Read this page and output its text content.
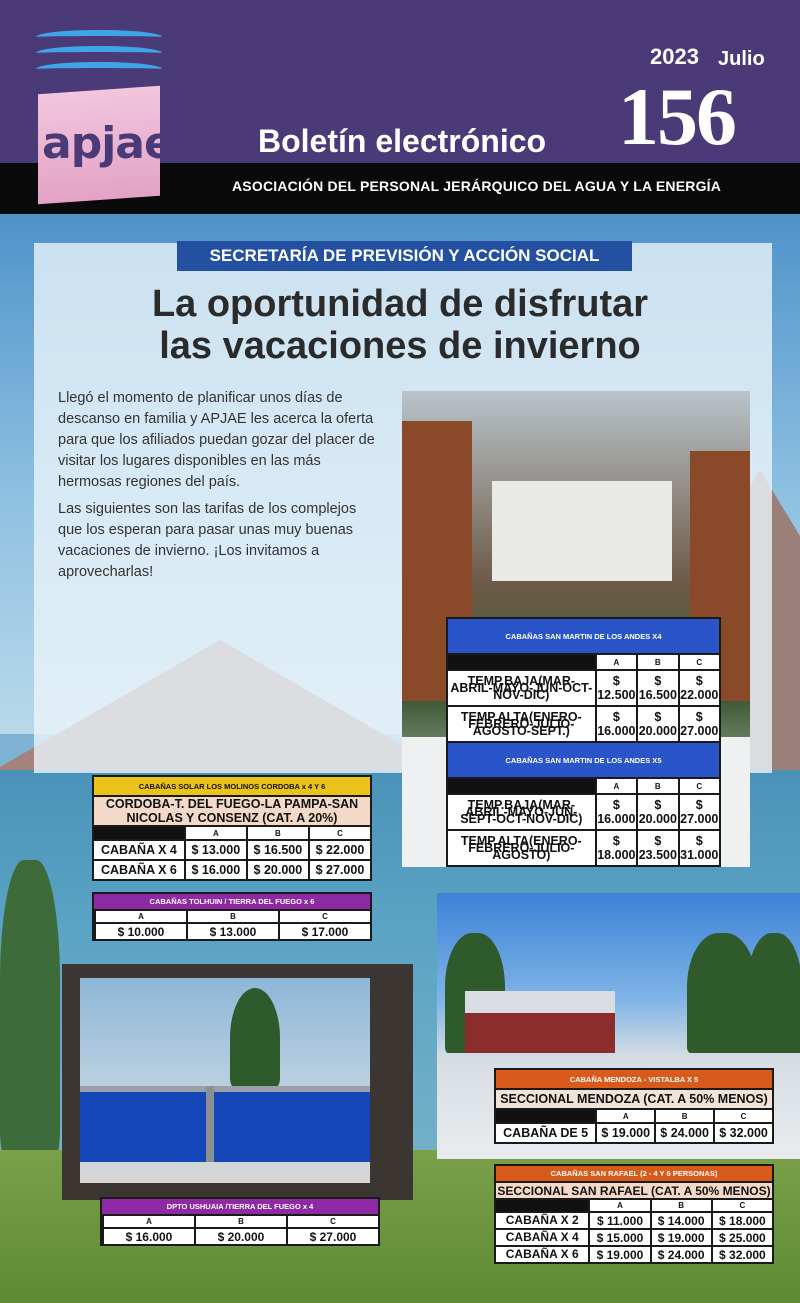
apjae
2023 Julio
156
Boletín electrónico
ASOCIACIÓN DEL PERSONAL JERÁRQUICO DEL AGUA Y LA ENERGÍA
SECRETARÍA DE PREVISIÓN Y ACCIÓN SOCIAL
La oportunidad de disfrutar
las vacaciones de invierno

Llegó el momento de planificar unos días de descanso en familia y APJAE les acerca la oferta para que los afiliados puedan gozar del placer de visitar los lugares disponibles en las más hermosas regiones del país.

Las siguientes son las tarifas de los complejos que los esperan para pasar unas muy buenas vacaciones de invierno. ¡Los invitamos a aprovecharlas!

CABAÑAS SAN MARTIN DE LOS ANDES X4			
	A	B	C
TEMP.BAJA(MAR-ABRIL-MAYO-JUN-OCT-NOV-DIC)	$ 12.500	$ 16.500	$ 22.000
TEMP.ALTA(ENERO-FEBRERO-JULIO-AGOSTO-SEPT.)	$ 16.000	$ 20.000	$ 27.000
CABAÑAS SAN MARTIN DE LOS ANDES X5			
	A	B	C
TEMP.BAJA(MAR-ABRIL-MAYO-JUN-SEPT-OCT-NOV-DIC)	$ 16.000	$ 20.000	$ 27.000
TEMP.ALTA(ENERO-FEBRERO-JULIO-AGOSTO)	$ 18.000	$ 23.500	$ 31.000
CABAÑAS SOLAR LOS MOLINOS CORDOBA x 4 Y 6			
CORDOBA-T. DEL FUEGO-LA PAMPA-SAN NICOLAS Y CONSENZ (CAT. A 20%)			
	A	B	C
CABAÑA X 4	$ 13.000	$ 16.500	$ 22.000
CABAÑA X 6	$ 16.000	$ 20.000	$ 27.000
CABAÑAS TOLHUIN / TIERRA DEL FUEGO x 6			
	A	B	C
	$ 10.000	$ 13.000	$ 17.000
CABAÑA MENDOZA - VISTALBA X 5			
SECCIONAL MENDOZA (CAT. A 50% MENOS)			
	A	B	C
CABAÑA DE 5	$ 19.000	$ 24.000	$ 32.000
DPTO USHUAIA /TIERRA DEL FUEGO x 4			
	A	B	C
	$ 16.000	$ 20.000	$ 27.000
CABAÑAS SAN RAFAEL (2 - 4 Y 6 PERSONAS)			
SECCIONAL SAN RAFAEL (CAT. A 50% MENOS)			
	A	B	C
CABAÑA X 2	$ 11.000	$ 14.000	$ 18.000
CABAÑA X 4	$ 15.000	$ 19.000	$ 25.000
CABAÑA X 6	$ 19.000	$ 24.000	$ 32.000
